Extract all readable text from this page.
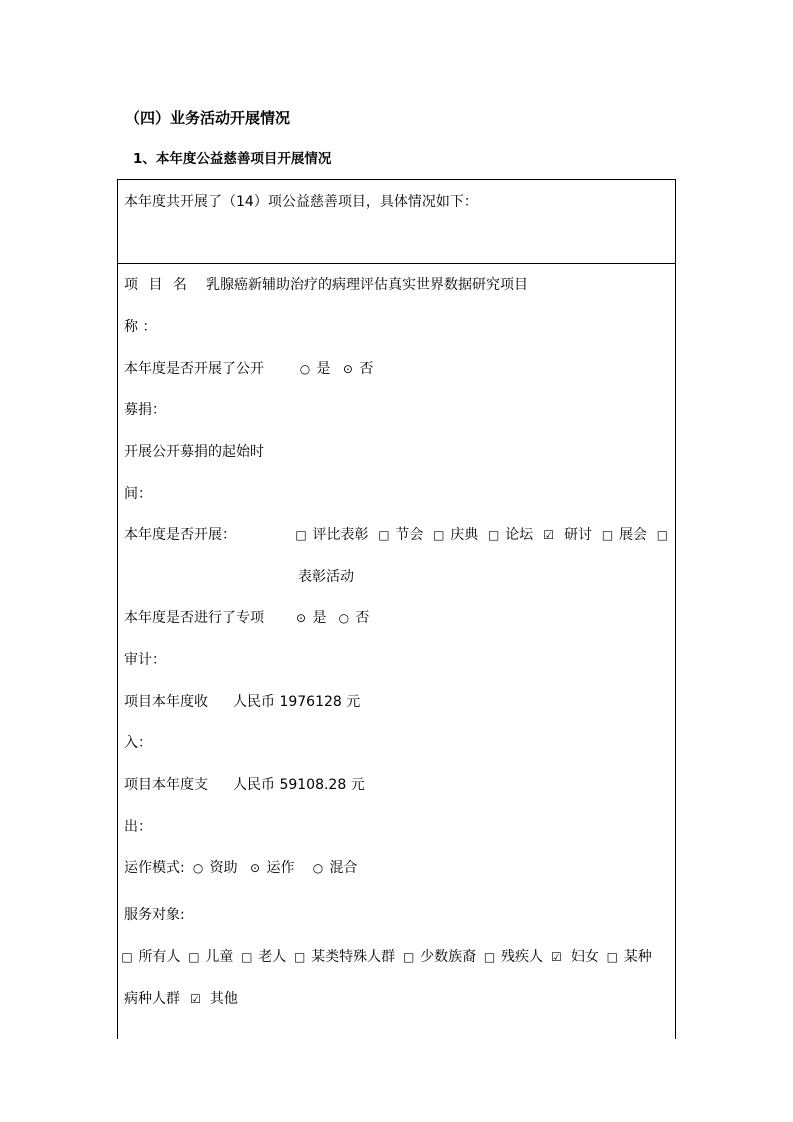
（四）业务活动开展情况
1、本年度公益慈善项目开展情况
本年度共开展了（14）项公益慈善项目，具体情况如下：
项 目 名
称 ：
乳腺癌新辅助治疗的病理评估真实世界数据研究项目
本年度是否开展了公开
募捐：
○ 是 ⊙ 否
开展公开募捐的起始时
间：
本年度是否开展：	□ 评比表彰 □ 节会 □ 庆典 □ 论坛 ☑ 研讨 □ 展会 □
表彰活动
本年度是否进行了专项
审计：
⊙ 是 ○ 否
项目本年度收
入：
人民币 1976128 元
项目本年度支
出：
人民币 59108.28 元
运作模式: ○ 资助 ⊙ 运作 ○ 混合
服务对象:
□ 所有人 □ 儿童 □ 老人 □ 某类特殊人群 □ 少数族裔 □ 残疾人 ☑ 妇女 □ 某种
病种人群 ☑ 其他
